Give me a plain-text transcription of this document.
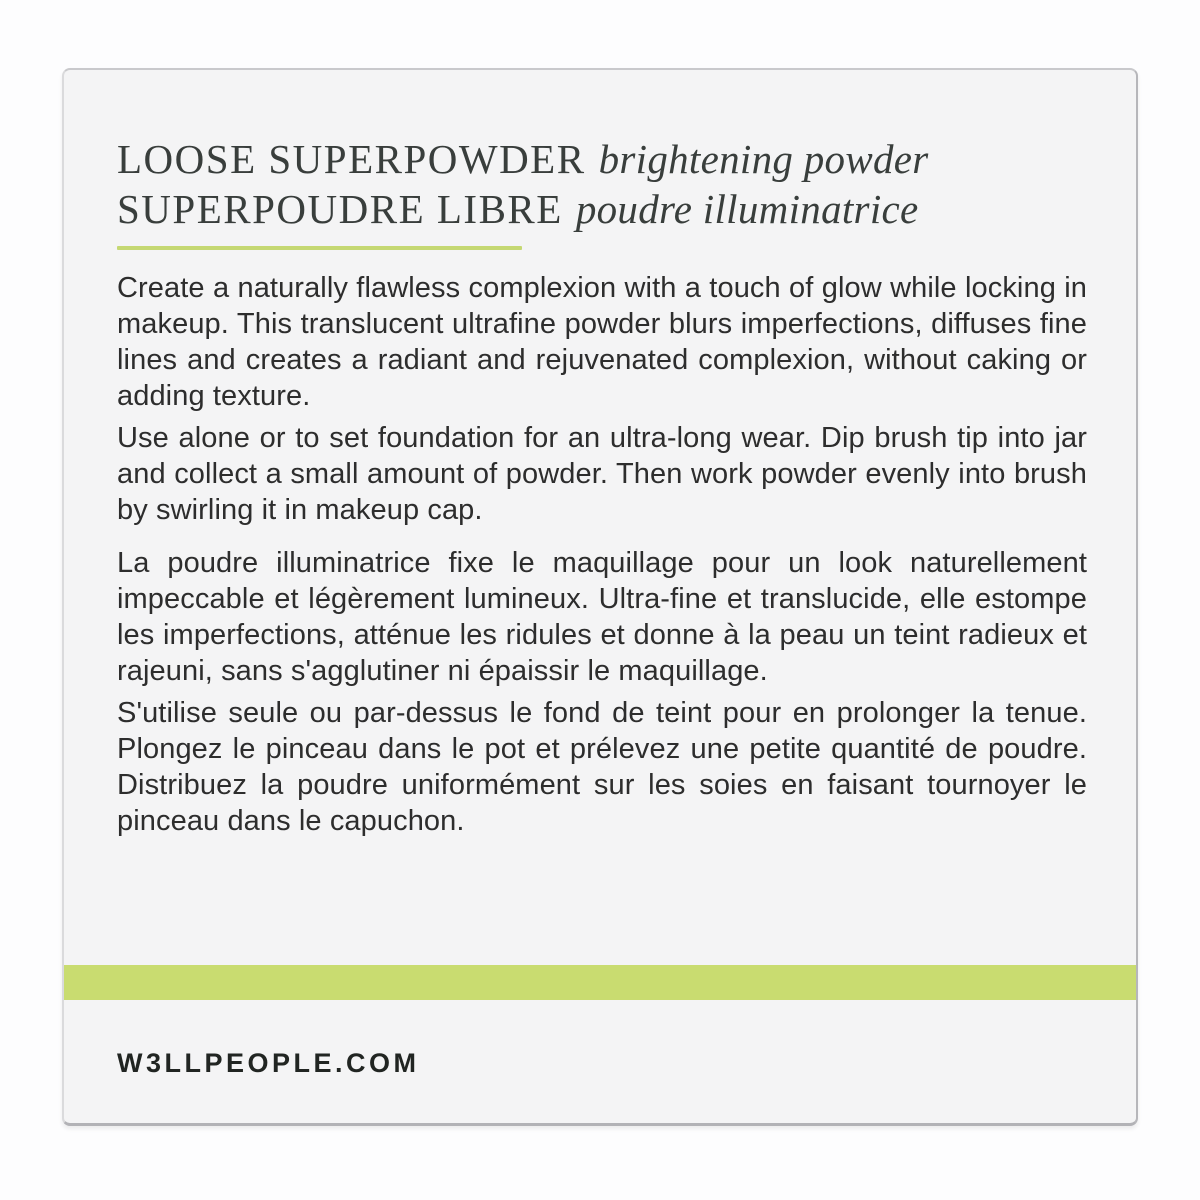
LOOSE SUPERPOWDER brightening powder
SUPERPOUDRE LIBRE poudre illuminatrice

Create a naturally flawless complexion with a touch of glow while locking in makeup. This translucent ultrafine powder blurs imperfections, diffuses fine lines and creates a radiant and rejuvenated complexion, without caking or adding texture.

Use alone or to set foundation for an ultra-long wear. Dip brush tip into jar and collect a small amount of powder. Then work powder evenly into brush by swirling it in makeup cap.

La poudre illuminatrice fixe le maquillage pour un look naturellement impeccable et légèrement lumineux. Ultra-fine et translucide, elle estompe les imperfections, atténue les ridules et donne à la peau un teint radieux et rajeuni, sans s'agglutiner ni épaissir le maquillage.

S'utilise seule ou par-dessus le fond de teint pour en prolonger la tenue. Plongez le pinceau dans le pot et prélevez une petite quantité de poudre. Distribuez la poudre uniformément sur les soies en faisant tournoyer le pinceau dans le capuchon.

W3LLPEOPLE.COM
